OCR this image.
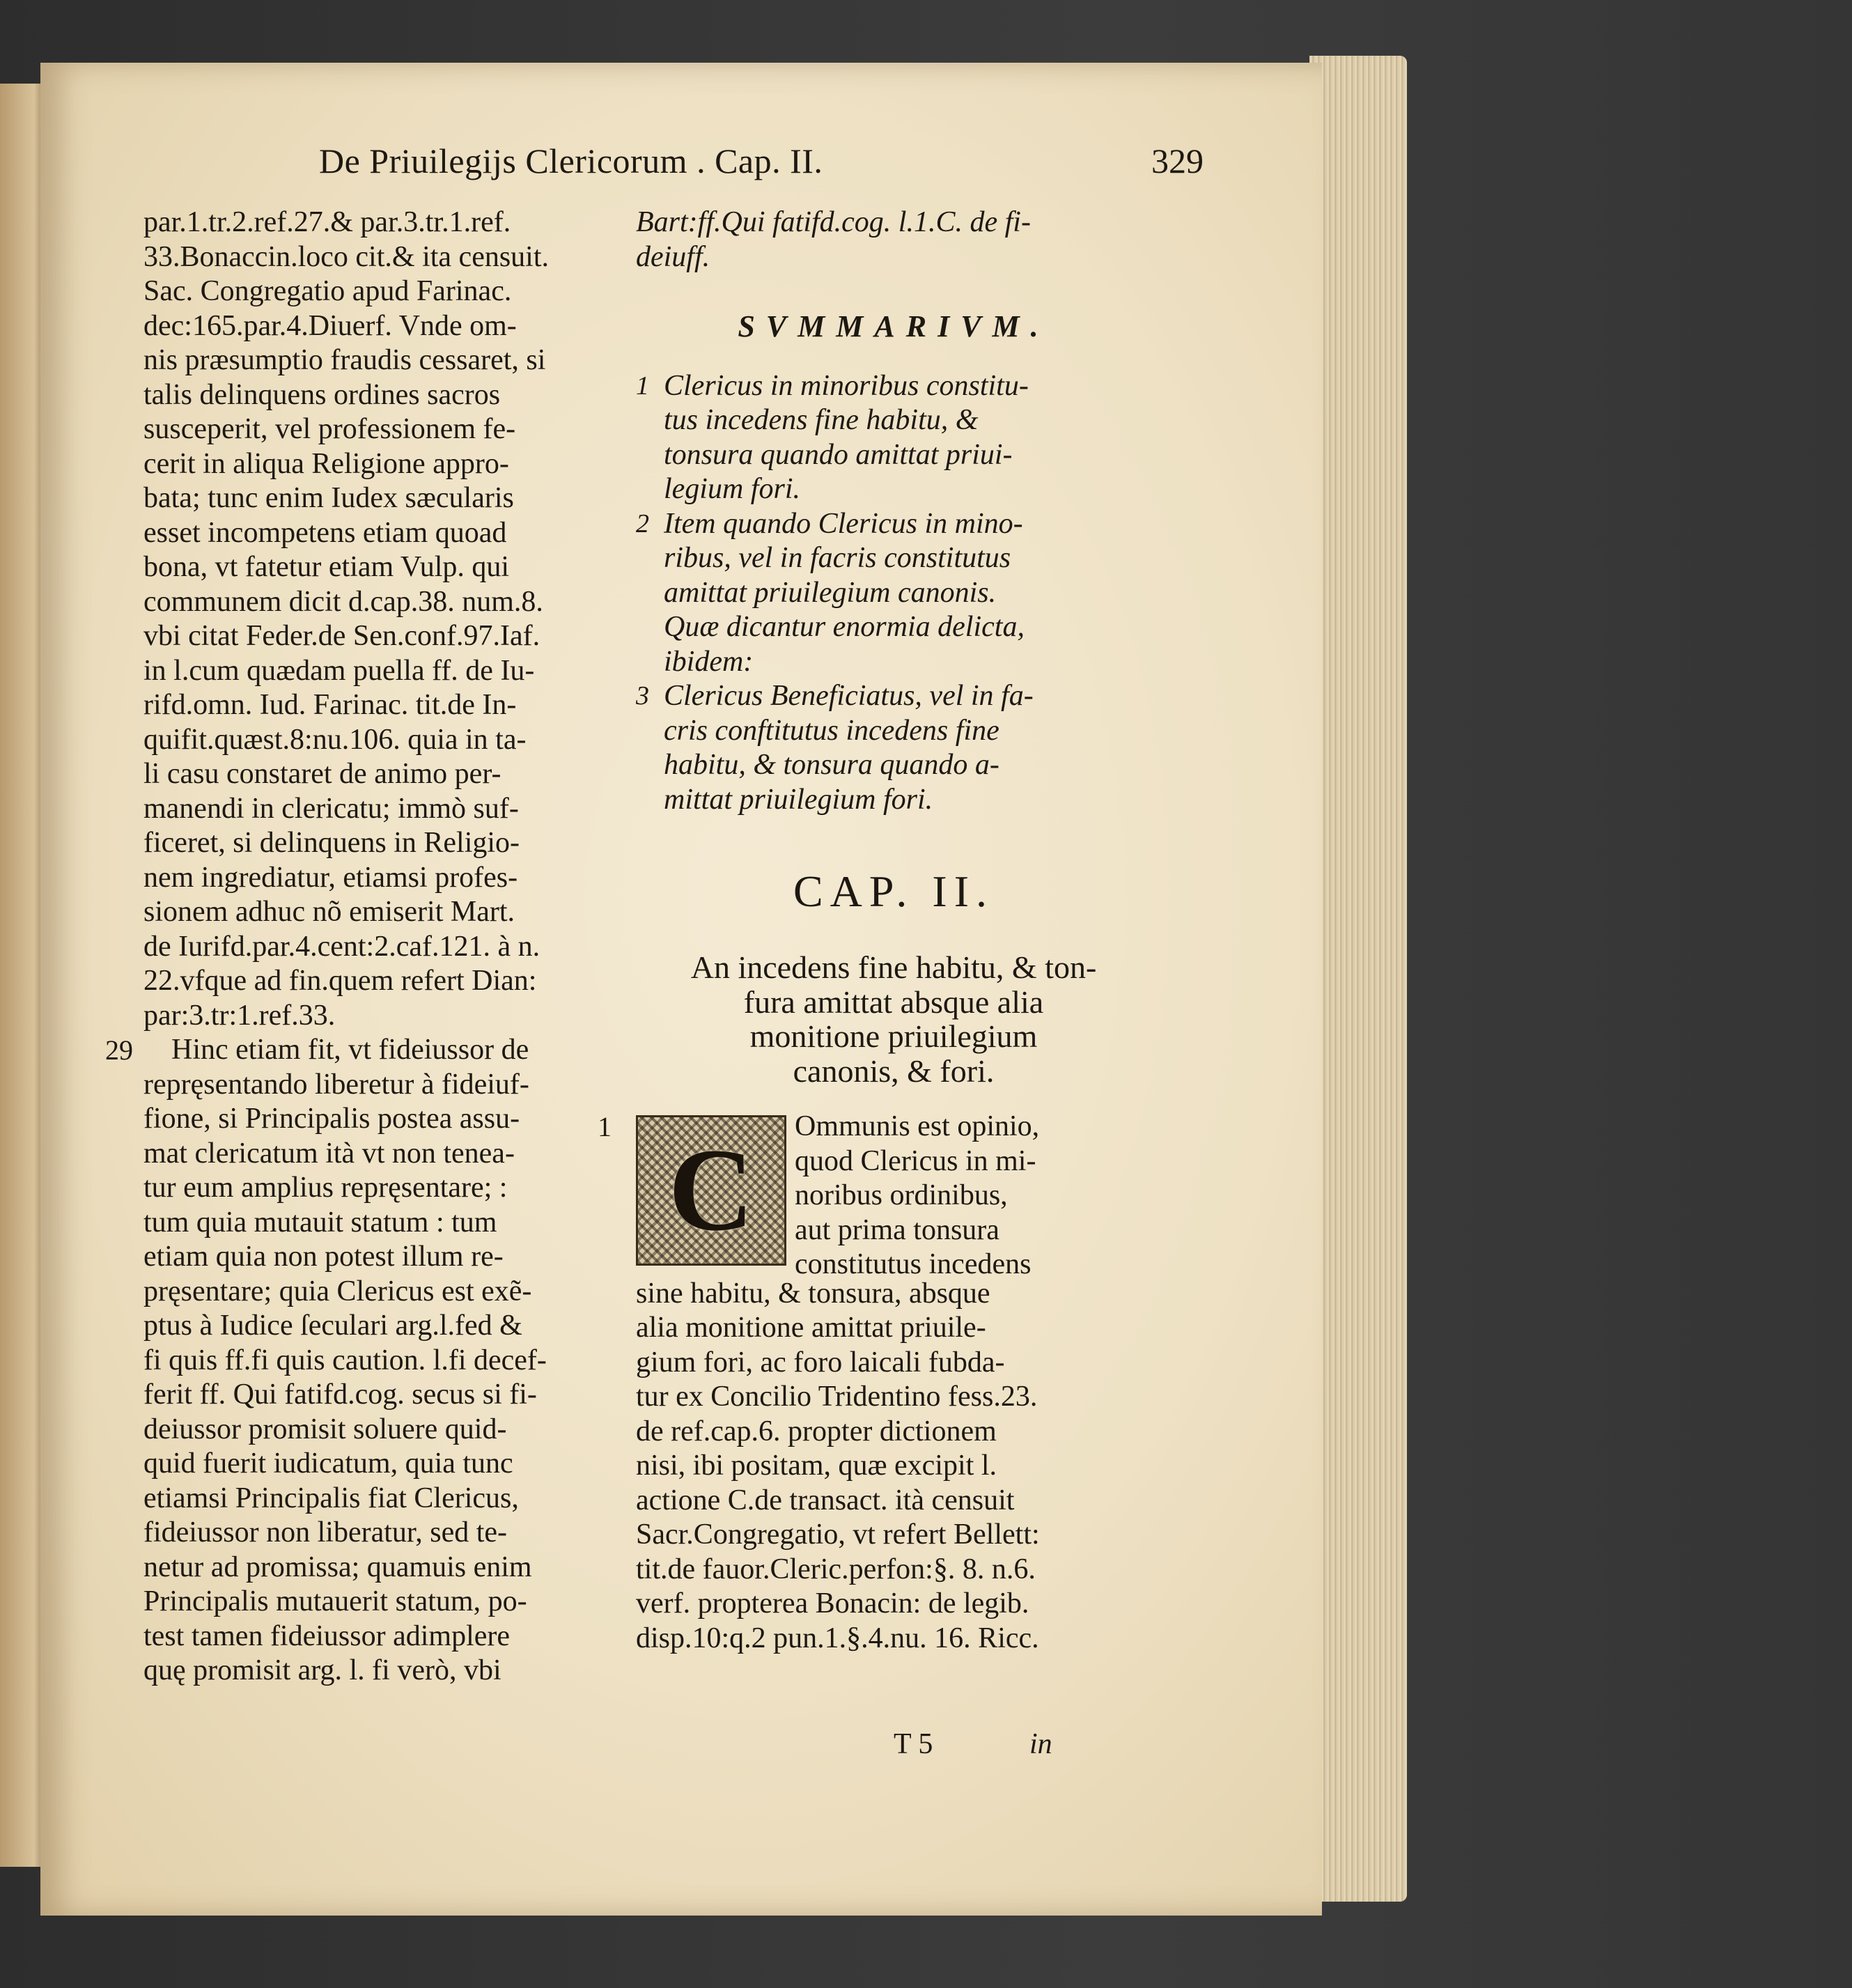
De Priuilegijs Clericorum . Cap. II.	329
par.1.tr.2.ref.27.& par.3.tr.1.ref.
33.Bonaccin.loco cit.& ita censuit.
Sac. Congregatio apud Farinac.
dec:165.par.4.Diuerf. Vnde om-
nis præsumptio fraudis cessaret, si
talis delinquens ordines sacros
susceperit, vel professionem fe-
cerit in aliqua Religione appro-
bata; tunc enim Iudex sæcularis
esset incompetens etiam quoad
bona, vt fatetur etiam Vulp. qui
communem dicit d.cap.38. num.8.
vbi citat Feder.de Sen.conf.97.Iaf.
in l.cum quædam puella ff. de Iu-
rifd.omn. Iud. Farinac. tit.de In-
quifit.quæst.8:nu.106. quia in ta-
li casu constaret de animo per-
manendi in clericatu; immò suf-
ficeret, si delinquens in Religio-
nem ingrediatur, etiamsi profes-
sionem adhuc nõ emiserit Mart.
de Iurifd.par.4.cent:2.caf.121. à n.
22.vfque ad fin.quem refert Dian:
par:3.tr:1.ref.33.
29 Hinc etiam fit, vt fideiussor de
repręsentando liberetur à fideiuf-
fione, si Principalis postea assu-
mat clericatum ità vt non tenea-
tur eum amplius repręsentare; :
tum quia mutauit statum : tum
etiam quia non potest illum re-
pręsentare; quia Clericus est exẽ-
ptus à Iudice ſeculari arg.l.fed &
fi quis ff.fi quis caution. l.fi decef-
ferit ff. Qui fatifd.cog. secus si fi-
deiussor promisit soluere quid-
quid fuerit iudicatum, quia tunc
etiamsi Principalis fiat Clericus,
fideiussor non liberatur, sed te-
netur ad promissa; quamuis enim
Principalis mutauerit statum, po-
test tamen fideiussor adimplere
quę promisit arg. l. fi verò, vbi
Bart:ff.Qui fatifd.cog. l.1.C. de fi-
deiuff.
SVMMARIVM.
1 Clericus in minoribus constitu-
tus incedens fine habitu, &
tonsura quando amittat priui-
legium fori.
2 Item quando Clericus in mino-
ribus, vel in facris constitutus
amittat priuilegium canonis.
Quæ dicantur enormia delicta,
ibidem:
3 Clericus Beneficiatus, vel in fa-
cris conftitutus incedens fine
habitu, & tonsura quando a-
mittat priuilegium fori.
CAP. II.
An incedens fine habitu, & ton-
fura amittat absque alia
monitione priuilegium
canonis, & fori.
1 C	Ommunis est opinio,
quod Clericus in mi-
noribus ordinibus,
aut prima tonsura
constitutus incedens
sine habitu, & tonsura, absque
alia monitione amittat priuile-
gium fori, ac foro laicali fubda-
tur ex Concilio Tridentino fess.23.
de ref.cap.6. propter dictionem
nisi, ibi positam, quæ excipit l.
actione C.de transact. ità censuit
Sacr.Congregatio, vt refert Bellett:
tit.de fauor.Cleric.perfon:§. 8. n.6.
verf. propterea Bonacin: de legib.
disp.10:q.2 pun.1.§.4.nu. 16. Ricc.
T 5	in
